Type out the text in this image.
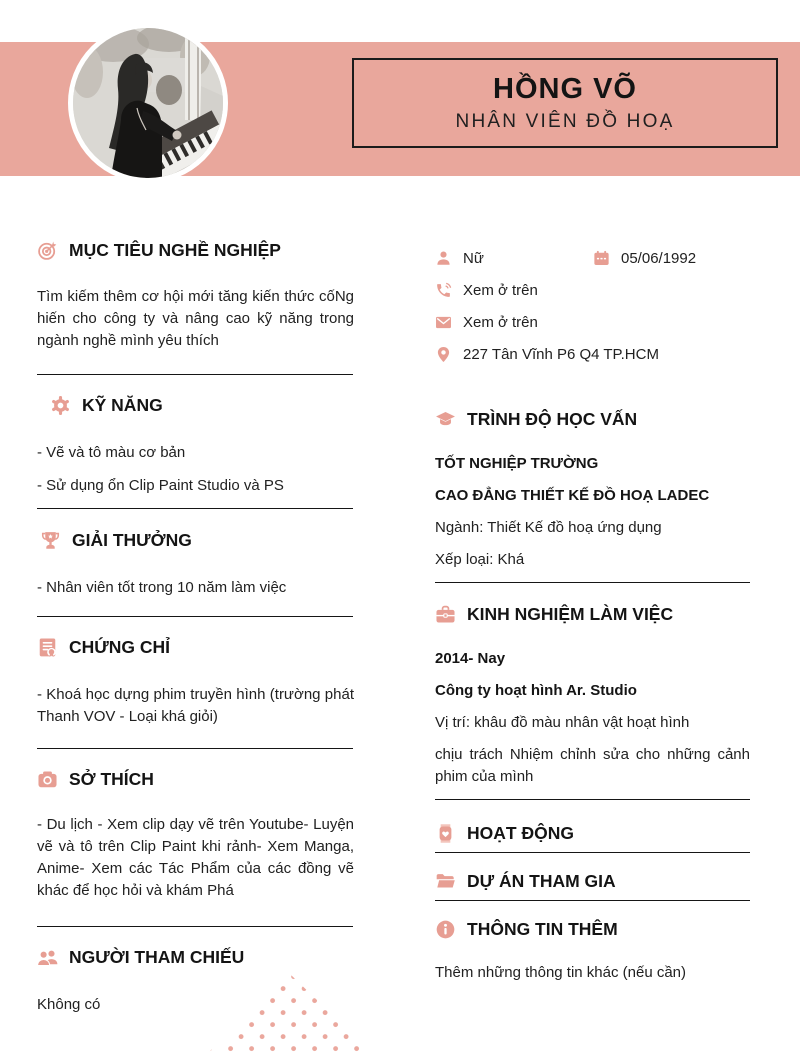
HỒNG VÕ
NHÂN VIÊN ĐỒ HOẠ
MỤC TIÊU NGHỀ NGHIỆP
Tìm kiếm thêm cơ hội mới tăng kiến thức cốNg hiến cho công ty và nâng cao kỹ năng trong ngành nghề mình yêu thích
KỸ NĂNG
- Vẽ và tô màu cơ bản
- Sử dụng ổn Clip Paint Studio và PS
GIẢI THƯỞNG
- Nhân viên tốt trong 10 năm làm việc
CHỨNG CHỈ
- Khoá học dựng phim truyền hình (trường phát Thanh VOV - Loại khá giỏi)
SỞ THÍCH
- Du lịch - Xem clip dạy vẽ trên Youtube- Luyện vẽ và tô trên Clip Paint khi rảnh- Xem Manga, Anime- Xem các Tác Phẩm của các đồng vẽ khác để học hỏi và khám Phá
NGƯỜI THAM CHIẾU
Không có
Nữ	05/06/1992
Xem ở trên
Xem ở trên
227 Tân Vĩnh P6 Q4 TP.HCM
TRÌNH ĐỘ HỌC VẤN
TỐT NGHIỆP TRƯỜNG
CAO ĐẲNG THIẾT KẾ ĐỒ HOẠ LADEC
Ngành: Thiết Kế đồ hoạ ứng dụng
Xếp loại: Khá
KINH NGHIỆM LÀM VIỆC
2014- Nay
Công ty hoạt hình Ar. Studio
Vị trí: khâu đồ màu nhân vật hoạt hình
chịu trách Nhiệm chỉnh sửa cho những cảnh phim của mình
HOẠT ĐỘNG
DỰ ÁN THAM GIA
THÔNG TIN THÊM
Thêm những thông tin khác (nếu cần)
